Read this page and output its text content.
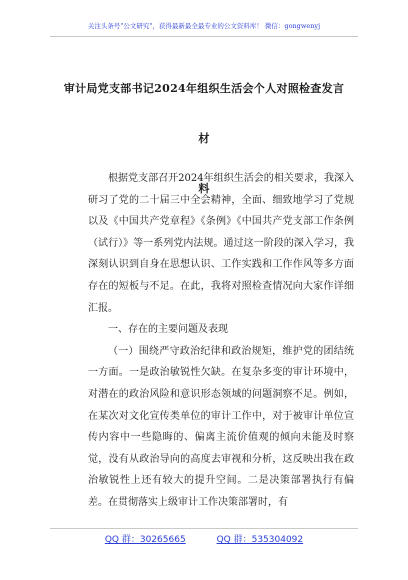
关注头条号"公文研究"，获得最新最全最专业的公文资料库！ 微信：gongwenyj
审计局党支部书记2024年组织生活会个人对照检查发言材
料

根据党支部召开2024年组织生活会的相关要求，我深入研习了党的二十届三中全会精神，全面、细致地学习了党规以及《中国共产党章程》《条例》《中国共产党支部工作条例（试行）》等一系列党内法规。通过这一阶段的深入学习，我深刻认识到自身在思想认识、工作实践和工作作风等多方面存在的短板与不足。在此，我将对照检查情况向大家作详细汇报。

一、存在的主要问题及表现

（一）围绕严守政治纪律和政治规矩，维护党的团结统一方面。一是政治敏锐性欠缺。在复杂多变的审计环境中，对潜在的政治风险和意识形态领域的问题洞察不足。例如，在某次对文化宣传类单位的审计工作中，对于被审计单位宣传内容中一些隐晦的、偏离主流价值观的倾向未能及时察觉，没有从政治导向的高度去审视和分析，这反映出我在政治敏锐性上还有较大的提升空间。二是决策部署执行有偏差。在贯彻落实上级审计工作决策部署时，有

QQ 群：30265665	QQ 群：535304092
